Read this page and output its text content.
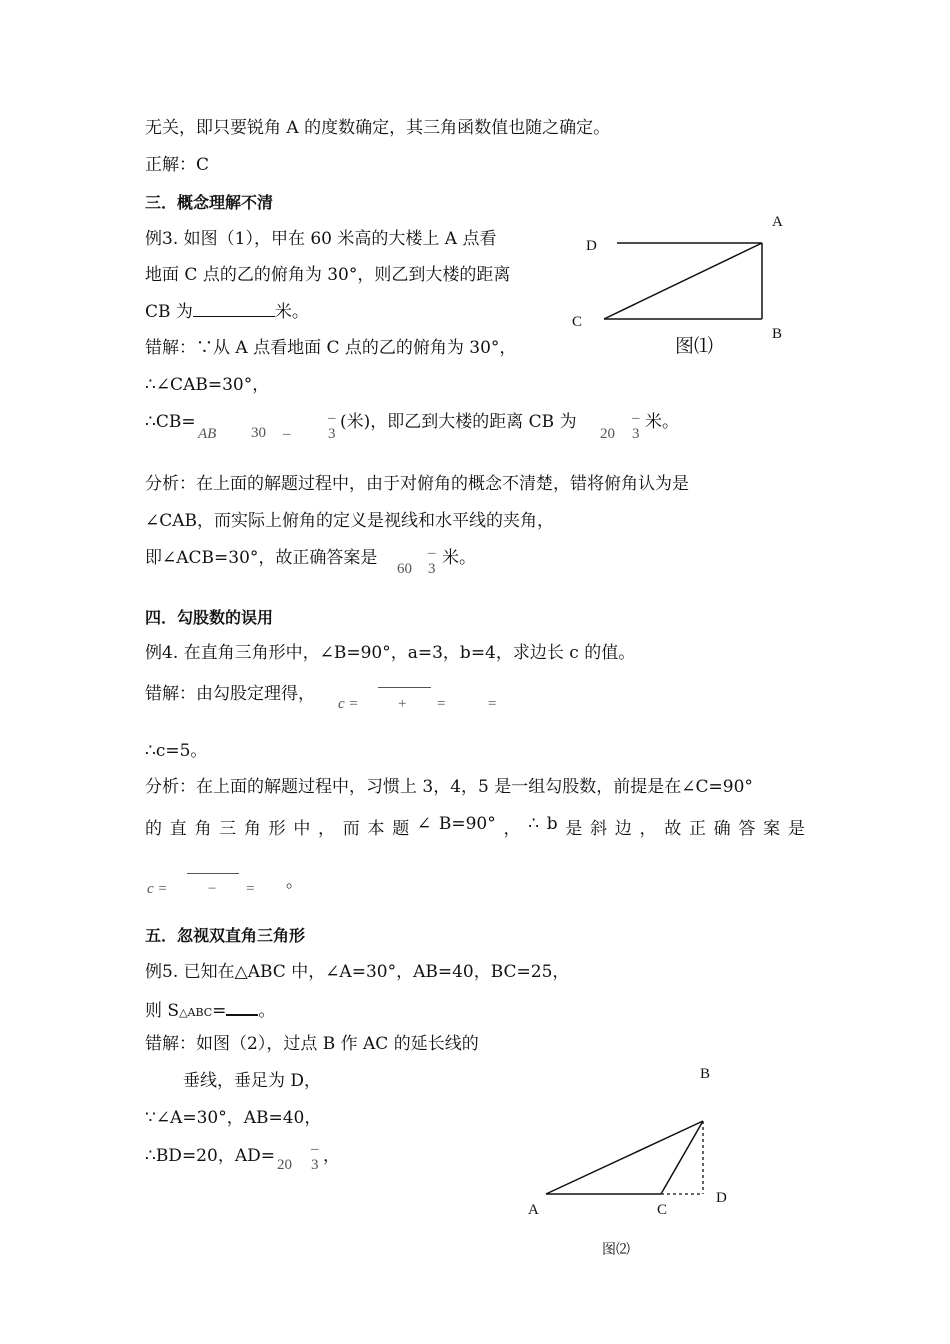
无关，即只要锐角 A 的度数确定，其三角函数值也随之确定。
正解：C
三．概念理解不清
例3. 如图（1），甲在 60 米高的大楼上 A 点看
地面 C 点的乙的俯角为 30°，则乙到大楼的距离
CB 为	米。
错解：∵从 A 点看地面 C 点的乙的俯角为 30°，
∴∠CAB=30°，
∴CB=
AB 30 –
–
3
(米)，即乙到大楼的距离 CB 为
20
–
3
米。
分析：在上面的解题过程中，由于对俯角的概念不清楚，错将俯角认为是
∠CAB，而实际上俯角的定义是视线和水平线的夹角，
即∠ACB=30°，故正确答案是
60
–
3
米。
四．勾股数的误用
例4. 在直角三角形中，∠B=90°，a=3，b=4，求边长 c 的值。
错解：由勾股定理得， c =	+ =	=
∴c=5。
分析：在上面的解题过程中，习惯上 3，4，5 是一组勾股数，前提是在∠C=90°
的 直 角 三 角 形 中 ， 而 本 题 ∠ B=90° ， ∴ b 是 斜 边 ， 故 正 确 答 案 是
c =	− = 。
五．忽视双直角三角形
例5. 已知在△ABC 中，∠A=30°，AB=40，BC=25，
则 S△ABC= 。
错解：如图（2），过点 B 作 AC 的延长线的
垂线，垂足为 D，
∵∠A=30°，AB=40，
∴BD=20，AD= 20
–
3 ，
A
D
C
B
图⑴
B
A	C
D
图⑵
